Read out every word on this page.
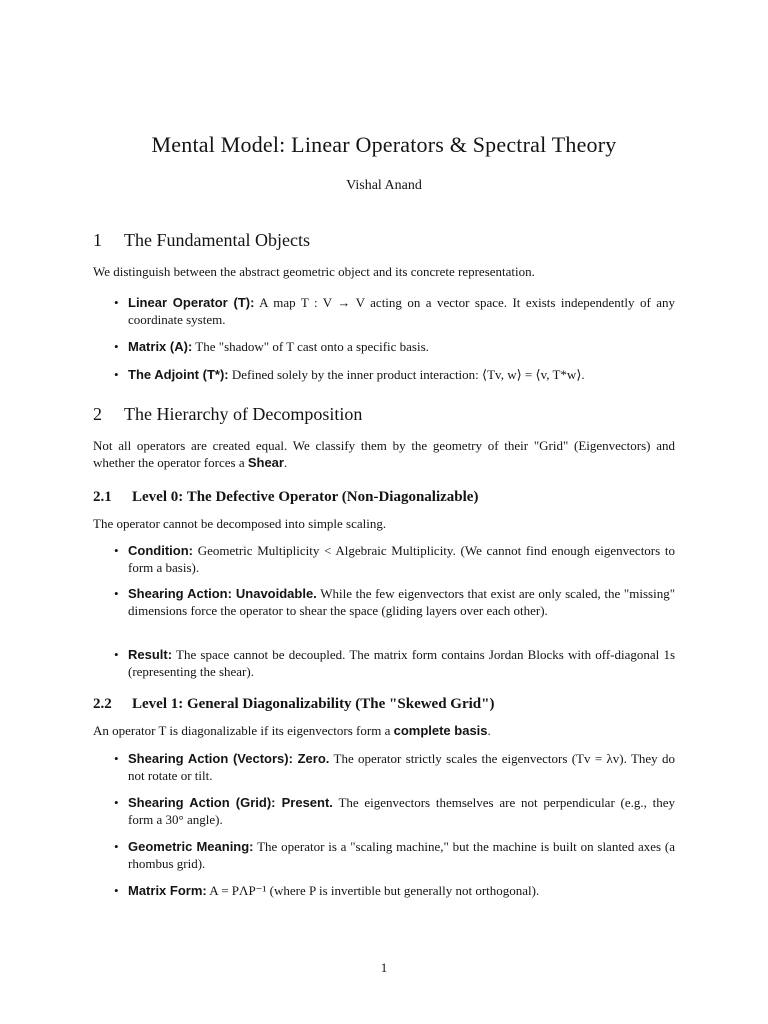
Mental Model: Linear Operators & Spectral Theory
Vishal Anand
1 The Fundamental Objects

We distinguish between the abstract geometric object and its concrete representation.

• Linear Operator (T): A map T : V → V acting on a vector space. It exists independently of any coordinate system.
• Matrix (A): The "shadow" of T cast onto a specific basis.
• The Adjoint (T*): Defined solely by the inner product interaction: ⟨Tv, w⟩ = ⟨v, T*w⟩.
2 The Hierarchy of Decomposition

Not all operators are created equal. We classify them by the geometry of their "Grid" (Eigenvectors) and whether the operator forces a Shear.

2.1 Level 0: The Defective Operator (Non-Diagonalizable)

The operator cannot be decomposed into simple scaling.

• Condition: Geometric Multiplicity < Algebraic Multiplicity. (We cannot find enough eigenvectors to form a basis).
• Shearing Action: Unavoidable. While the few eigenvectors that exist are only scaled, the "missing" dimensions force the operator to shear the space (gliding layers over each other).
• Result: The space cannot be decoupled. The matrix form contains Jordan Blocks with off-diagonal 1s (representing the shear).
2.2 Level 1: General Diagonalizability (The "Skewed Grid")

An operator T is diagonalizable if its eigenvectors form a complete basis.

• Shearing Action (Vectors): Zero. The operator strictly scales the eigenvectors (Tv = λv). They do not rotate or tilt.
• Shearing Action (Grid): Present. The eigenvectors themselves are not perpendicular (e.g., they form a 30° angle).
• Geometric Meaning: The operator is a "scaling machine," but the machine is built on slanted axes (a rhombus grid).
• Matrix Form: A = PΛP⁻¹ (where P is invertible but generally not orthogonal).
1
